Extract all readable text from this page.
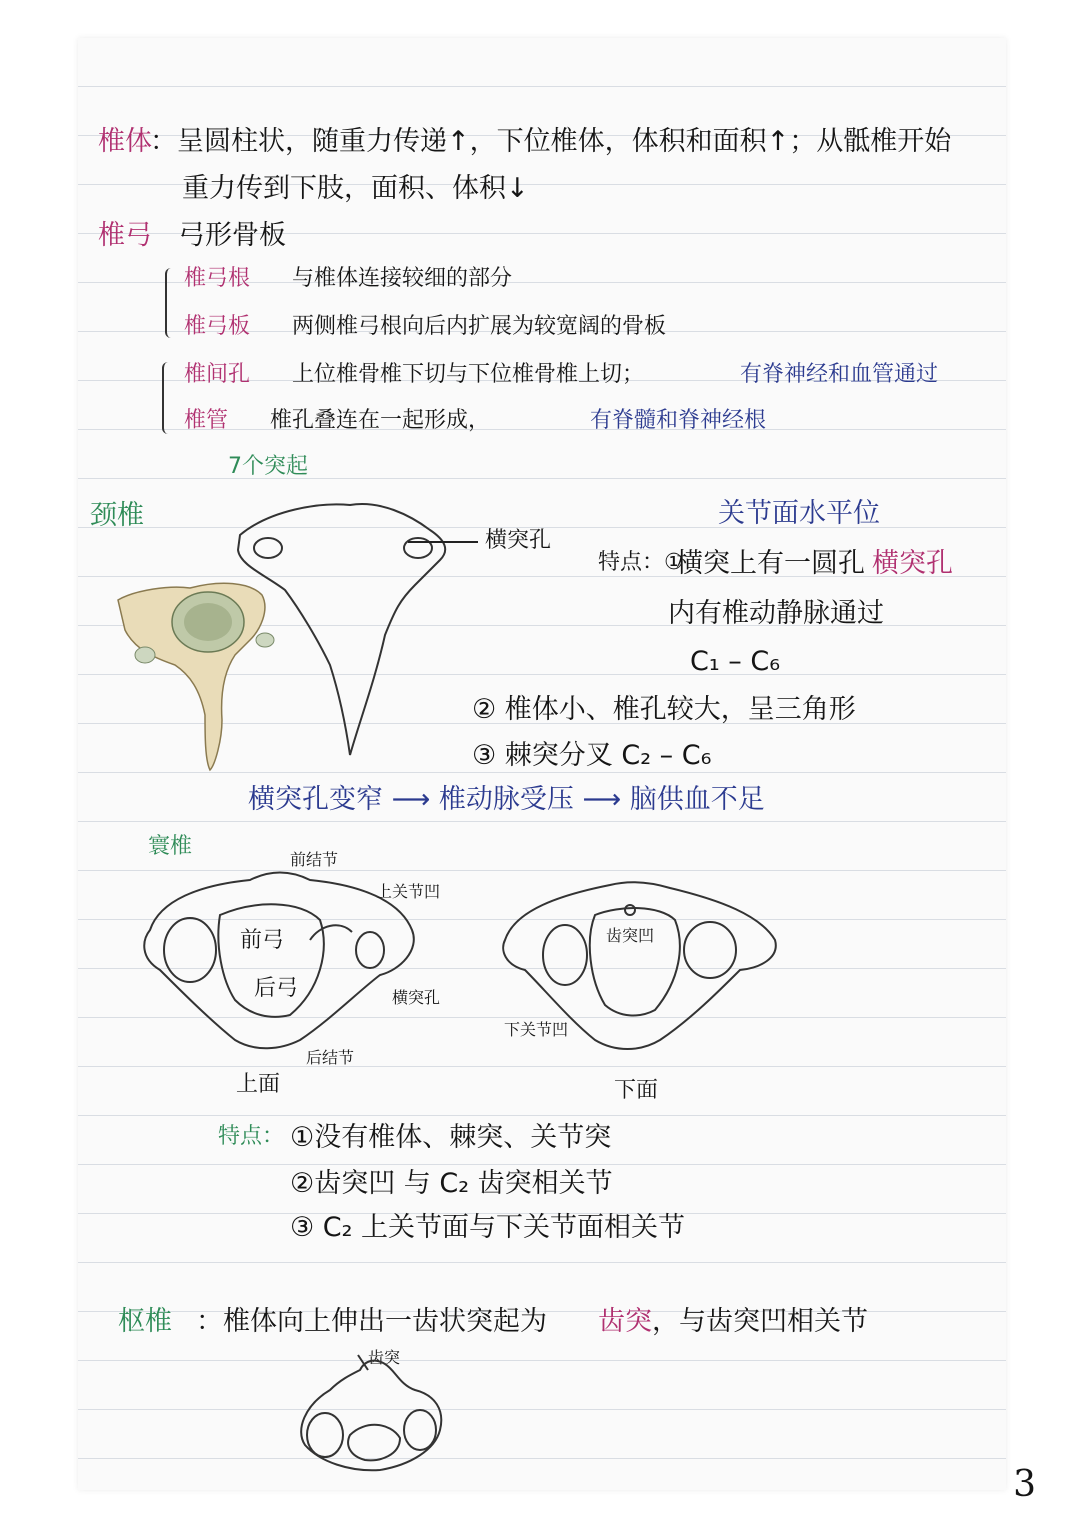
椎体
：呈圆柱状，随重力传递↑，下位椎体，体积和面积↑；从骶椎开始
重力传到下肢，面积、体积↓
椎弓 弓形骨板
椎弓根 与椎体连接较细的部分
椎弓板 两侧椎弓根向后内扩展为较宽阔的骨板
椎间孔 上位椎骨椎下切与下位椎骨椎上切；	有脊神经和血管通过
椎管 椎孔叠连在一起形成，	有脊髓和脊神经根
7个突起
颈椎
横突孔
关节面水平位
特点：①
横突上有一圆孔 横突孔
内有椎动静脉通过
C₁ – C₆
② 椎体小、椎孔较大，呈三角形
③ 棘突分叉 C₂ – C₆
横突孔变窄 ⟶ 椎动脉受压 ⟶ 脑供血不足
寰椎
前结节
上关节凹
前弓
后弓	横突孔
后结节
上面
齿突凹
下关节凹
下面
特点： ①没有椎体、棘突、关节突
②齿突凹 与 C₂ 齿突相关节
③ C₂ 上关节面与下关节面相关节
枢椎 ：椎体向上伸出一齿状突起为 齿突 ，与齿突凹相关节
齿突
3
